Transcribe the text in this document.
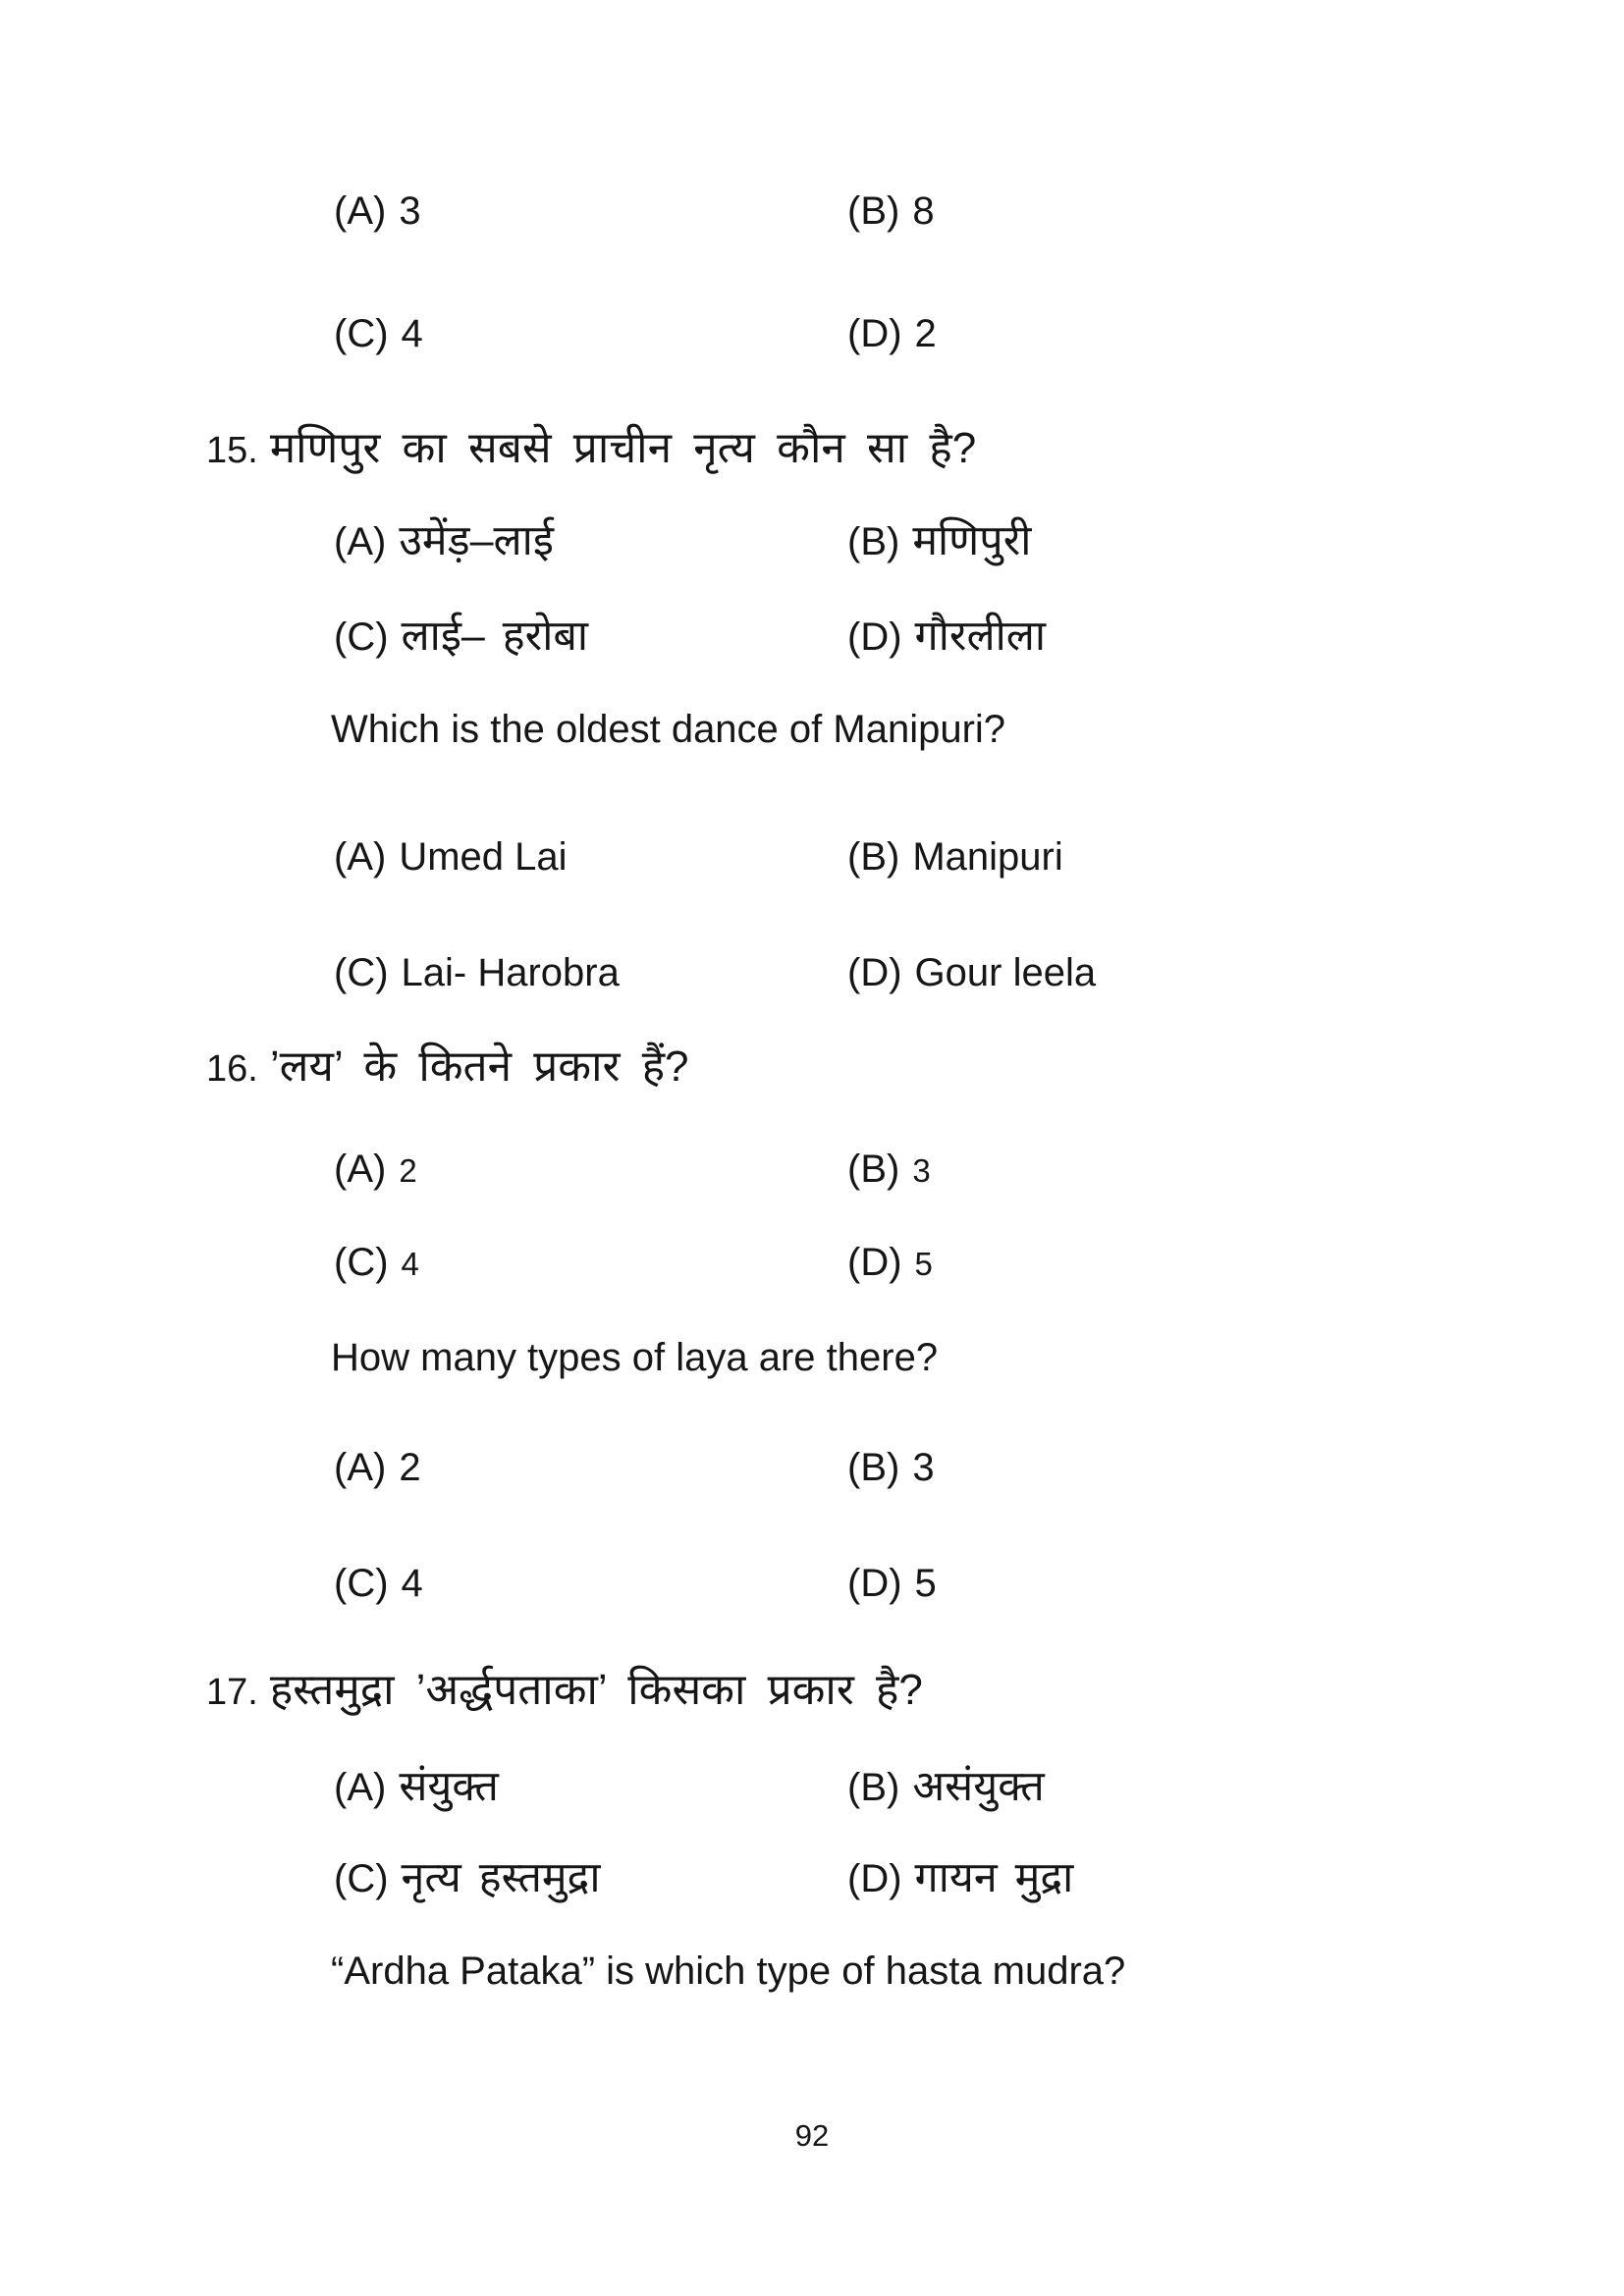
(A) 3	(B) 8
(C) 4	(D) 2
15. मणिपुर का सबसे प्राचीन नृत्य कौन सा है?
(A) उमेंड़–लाई	(B) मणिपुरी
(C) लाई– हरोबा	(D) गौरलीला
Which is the oldest dance of Manipuri?
(A) Umed Lai	(B) Manipuri
(C) Lai- Harobra	(D) Gour leela
16. ’लय’ के कितने प्रकार हैं?
(A) 2	(B) 3
(C) 4	(D) 5
How many types of laya are there?
(A) 2	(B) 3
(C) 4	(D) 5
17. हस्तमुद्रा ’अर्द्धपताका’ किसका प्रकार है?
(A) संयुक्त	(B) असंयुक्त
(C) नृत्य हस्तमुद्रा	(D) गायन मुद्रा
“Ardha Pataka” is which type of hasta mudra?
92
